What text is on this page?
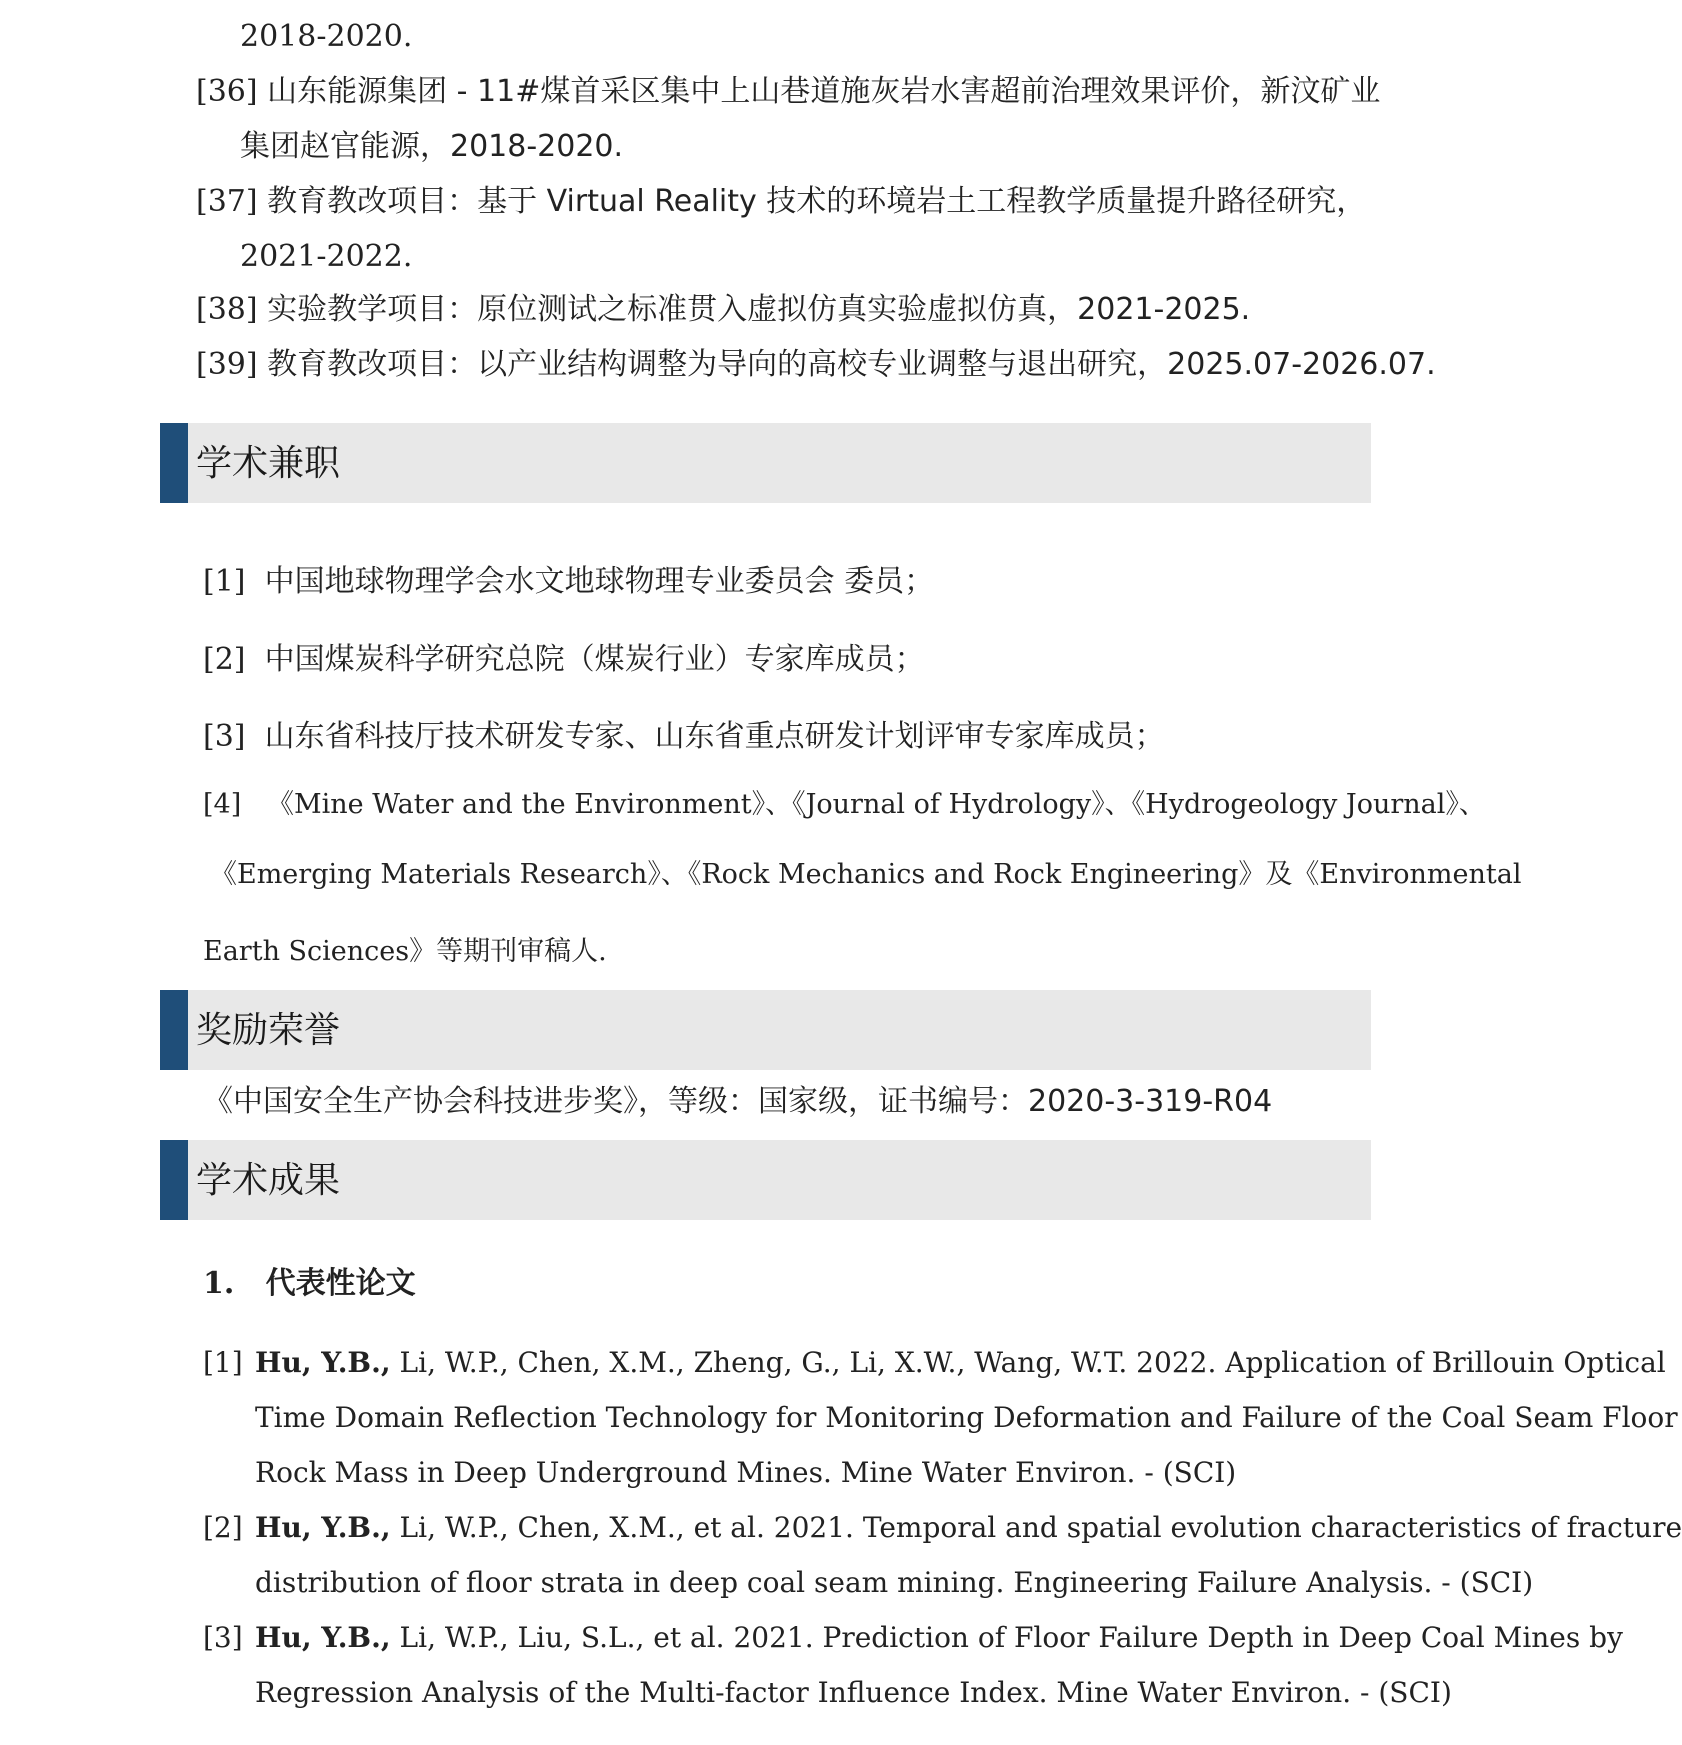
2018-2020.
[36] 山东能源集团 - 11#煤首采区集中上山巷道施灰岩水害超前治理效果评价，新汶矿业
集团赵官能源，2018-2020.
[37] 教育教改项目：基于 Virtual Reality 技术的环境岩土工程教学质量提升路径研究，
2021-2022.
[38] 实验教学项目：原位测试之标准贯入虚拟仿真实验虚拟仿真，2021-2025.
[39] 教育教改项目：以产业结构调整为导向的高校专业调整与退出研究，2025.07-2026.07.
学术兼职
[1] 中国地球物理学会水文地球物理专业委员会 委员；
[2] 中国煤炭科学研究总院（煤炭行业）专家库成员；
[3] 山东省科技厅技术研发专家、山东省重点研发计划评审专家库成员；
[4] 《Mine Water and the Environment》、《Journal of Hydrology》、《Hydrogeology Journal》、
《Emerging Materials Research》、《Rock Mechanics and Rock Engineering》及《Environmental
Earth Sciences》等期刊审稿人.
奖励荣誉
《中国安全生产协会科技进步奖》，等级：国家级，证书编号：2020-3-319-R04
学术成果
1. 代表性论文
[1] Hu, Y.B., Li, W.P., Chen, X.M., Zheng, G., Li, X.W., Wang, W.T. 2022. Application of Brillouin Optical
Time Domain Reflection Technology for Monitoring Deformation and Failure of the Coal Seam Floor
Rock Mass in Deep Underground Mines. Mine Water Environ. - (SCI)
[2] Hu, Y.B., Li, W.P., Chen, X.M., et al. 2021. Temporal and spatial evolution characteristics of fracture
distribution of floor strata in deep coal seam mining. Engineering Failure Analysis. - (SCI)
[3] Hu, Y.B., Li, W.P., Liu, S.L., et al. 2021. Prediction of Floor Failure Depth in Deep Coal Mines by
Regression Analysis of the Multi-factor Influence Index. Mine Water Environ. - (SCI)
